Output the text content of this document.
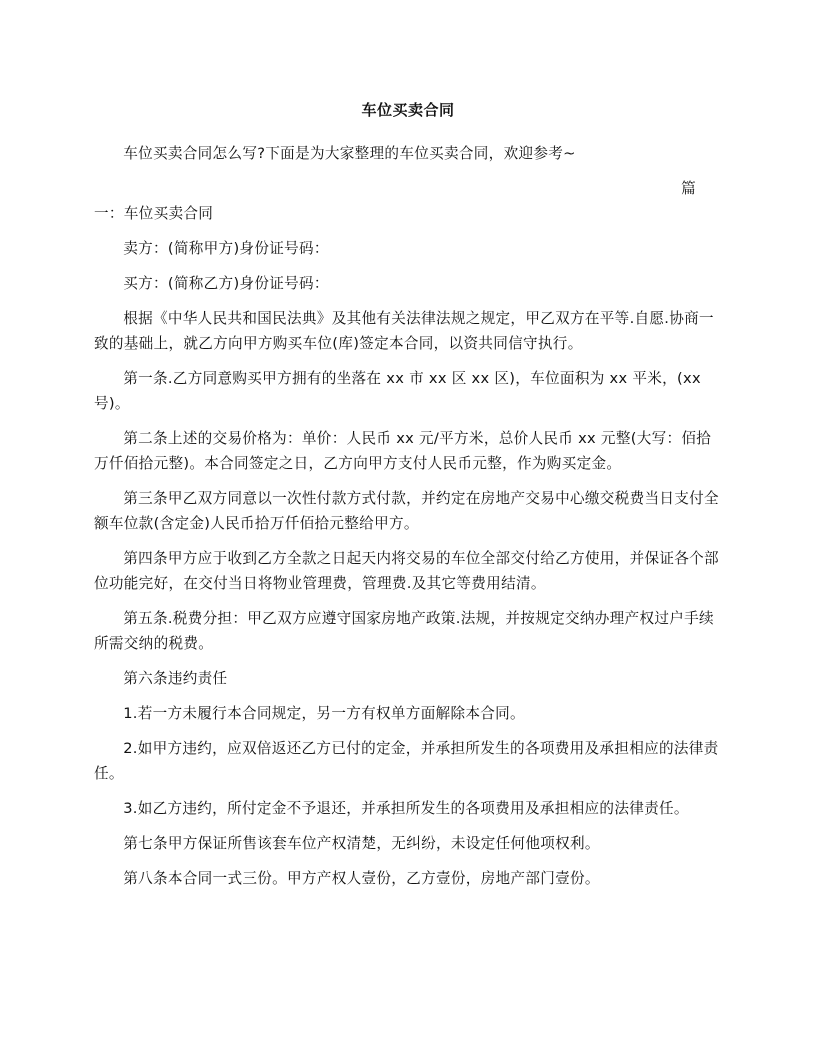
车位买卖合同

车位买卖合同怎么写?下面是为大家整理的车位买卖合同，欢迎参考~

篇

一：车位买卖合同

卖方：(简称甲方)身份证号码：

买方：(简称乙方)身份证号码：

根据《中华人民共和国民法典》及其他有关法律法规之规定，甲乙双方在平等.自愿.协商一致的基础上，就乙方向甲方购买车位(库)签定本合同，以资共同信守执行。

第一条.乙方同意购买甲方拥有的坐落在 xx 市 xx 区 xx 区)，车位面积为 xx 平米，(xx 号)。

第二条上述的交易价格为：单价：人民币 xx 元/平方米，总价人民币 xx 元整(大写：佰拾万仟佰拾元整)。本合同签定之日，乙方向甲方支付人民币元整，作为购买定金。

第三条甲乙双方同意以一次性付款方式付款，并约定在房地产交易中心缴交税费当日支付全额车位款(含定金)人民币拾万仟佰拾元整给甲方。

第四条甲方应于收到乙方全款之日起天内将交易的车位全部交付给乙方使用，并保证各个部位功能完好，在交付当日将物业管理费，管理费.及其它等费用结清。

第五条.税费分担：甲乙双方应遵守国家房地产政策.法规，并按规定交纳办理产权过户手续所需交纳的税费。

第六条违约责任

1.若一方未履行本合同规定，另一方有权单方面解除本合同。

2.如甲方违约，应双倍返还乙方已付的定金，并承担所发生的各项费用及承担相应的法律责任。

3.如乙方违约，所付定金不予退还，并承担所发生的各项费用及承担相应的法律责任。

第七条甲方保证所售该套车位产权清楚，无纠纷，未设定任何他项权利。

第八条本合同一式三份。甲方产权人壹份，乙方壹份，房地产部门壹份。
